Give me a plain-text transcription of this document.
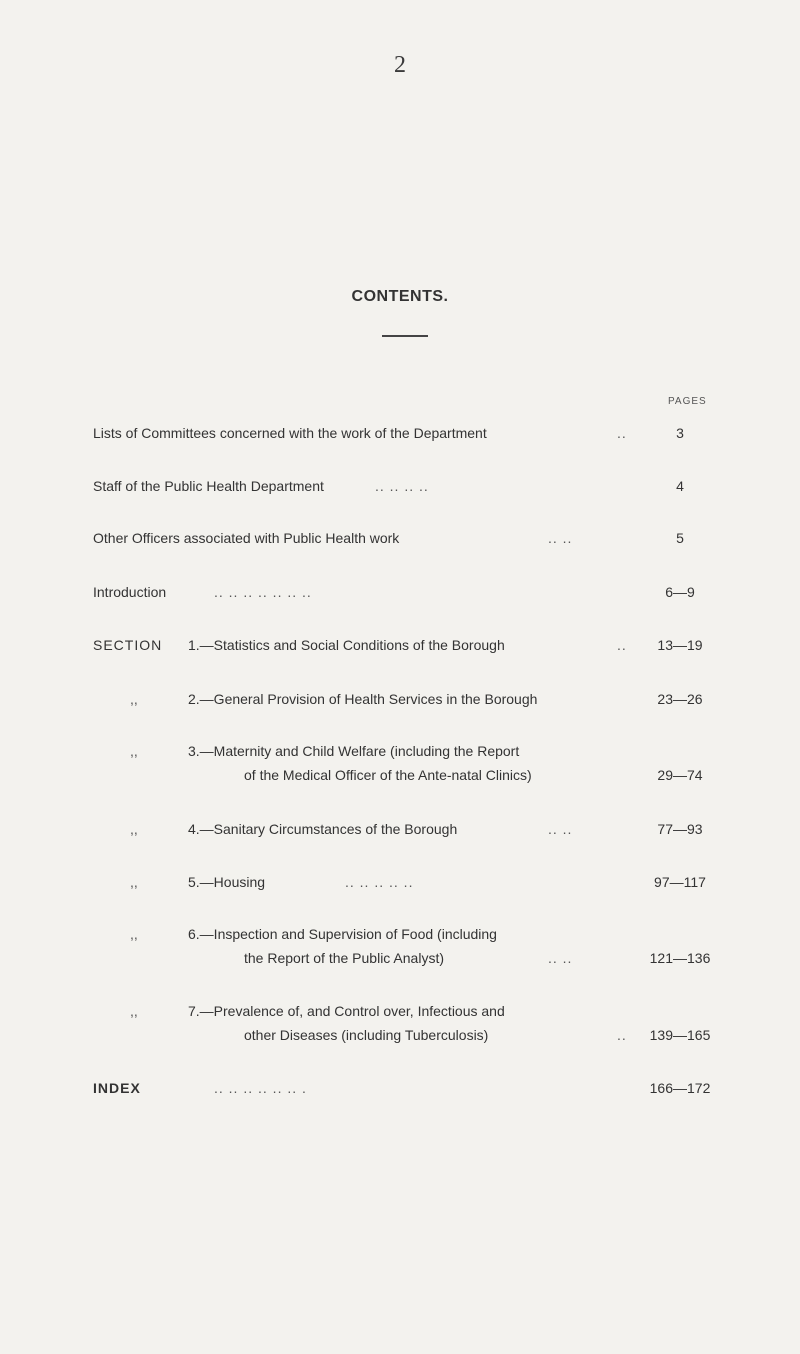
2
CONTENTS.
PAGES
Lists of Committees concerned with the work of the Department	..	3
Staff of the Public Health Department	.. .. .. ..	4
Other Officers associated with Public Health work	.. ..	5
Introduction	.. .. .. .. .. .. ..	6—9
SECTION 1.—Statistics and Social Conditions of the Borough	..	13—19
,,	2.—General Provision of Health Services in the Borough	23—26
,,	3.—Maternity and Child Welfare (including the Report
of the Medical Officer of the Ante-natal Clinics)	29—74
,,	4.—Sanitary Circumstances of the Borough	.. ..	77—93
,,	5.—Housing	.. .. .. .. ..	97—117
,,	6.—Inspection and Supervision of Food (including
the Report of the Public Analyst)	.. ..	121—136
,,	7.—Prevalence of, and Control over, Infectious and
other Diseases (including Tuberculosis)	..	139—165
INDEX	.. .. .. .. .. .. .	166—172
